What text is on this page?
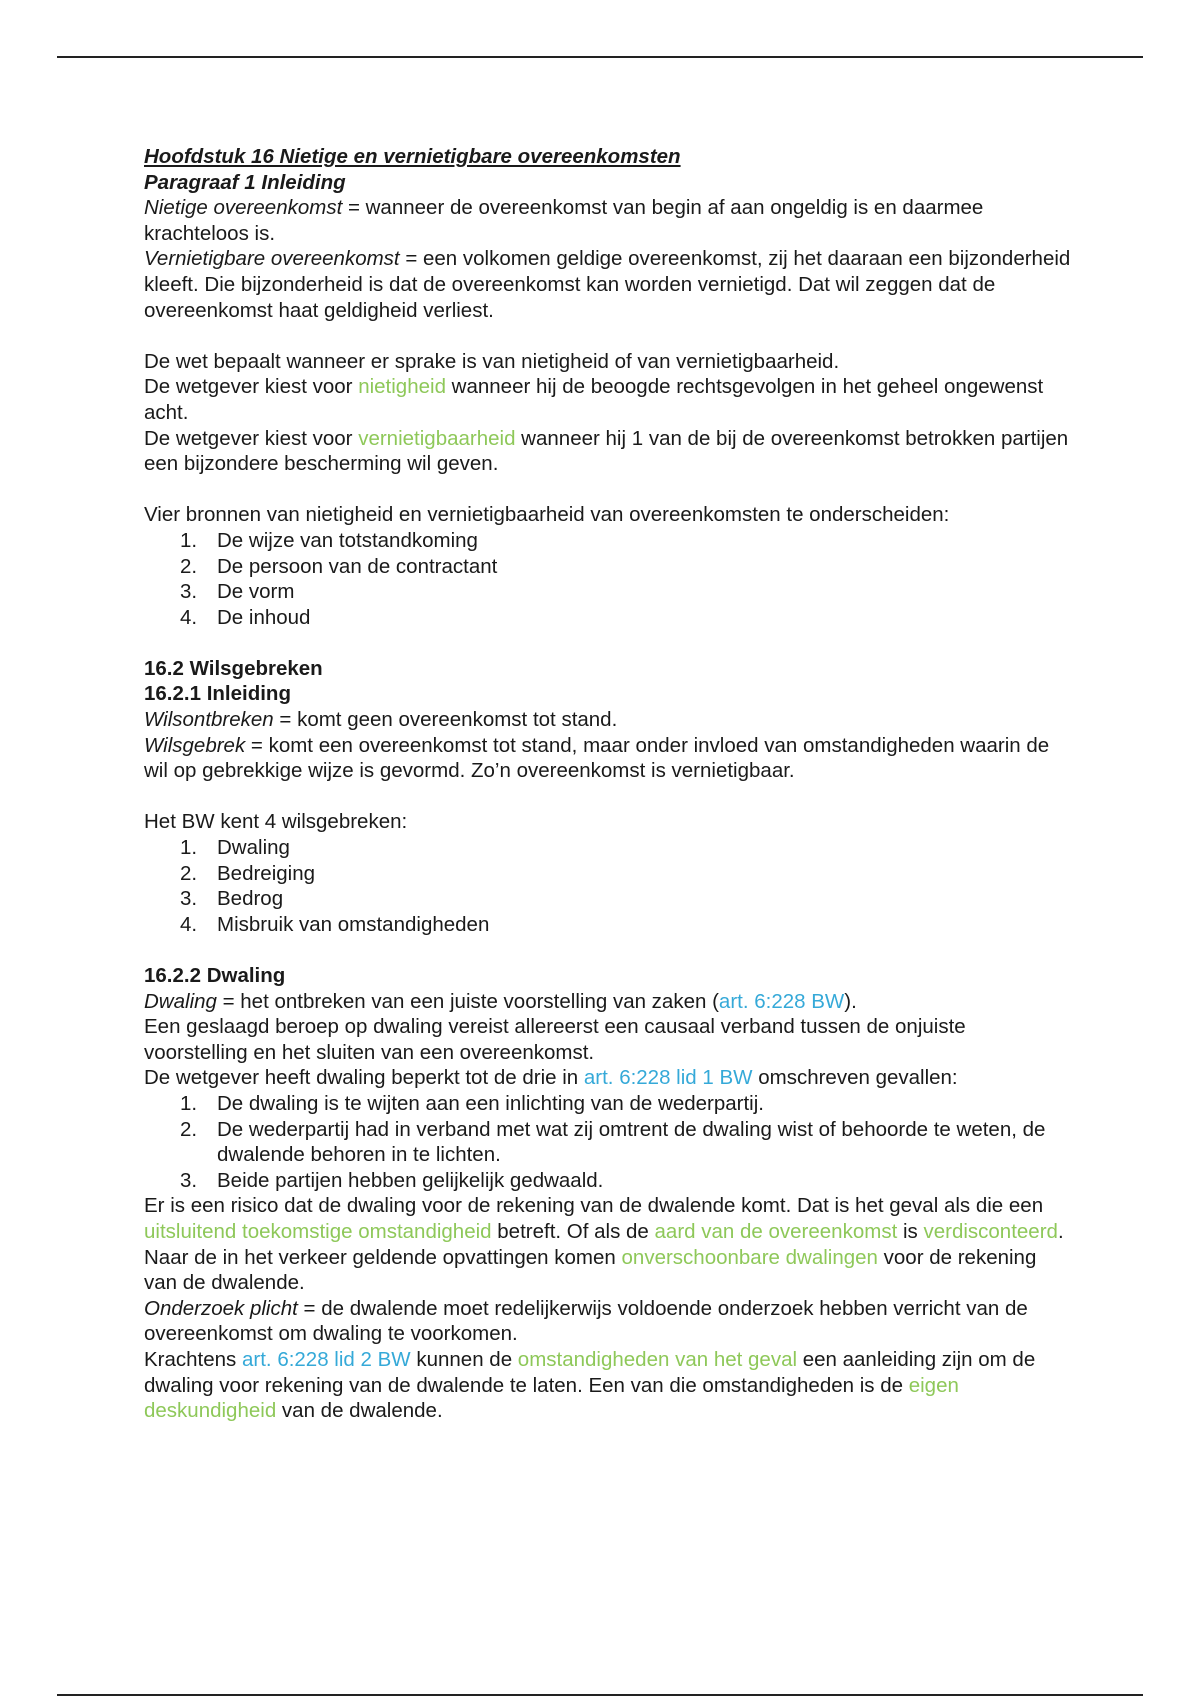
Hoofdstuk 16 Nietige en vernietigbare overeenkomsten
Paragraaf 1 Inleiding

Nietige overeenkomst = wanneer de overeenkomst van begin af aan ongeldig is en daarmee krachteloos is.

Vernietigbare overeenkomst = een volkomen geldige overeenkomst, zij het daaraan een bijzonderheid kleeft. Die bijzonderheid is dat de overeenkomst kan worden vernietigd. Dat wil zeggen dat de overeenkomst haat geldigheid verliest.

De wet bepaalt wanneer er sprake is van nietigheid of van vernietigbaarheid.

De wetgever kiest voor nietigheid wanneer hij de beoogde rechtsgevolgen in het geheel ongewenst acht.

De wetgever kiest voor vernietigbaarheid wanneer hij 1 van de bij de overeenkomst betrokken partijen een bijzondere bescherming wil geven.

Vier bronnen van nietigheid en vernietigbaarheid van overeenkomsten te onderscheiden:

1. De wijze van totstandkoming
2. De persoon van de contractant
3. De vorm
4. De inhoud
16.2 Wilsgebreken
16.2.1 Inleiding

Wilsontbreken = komt geen overeenkomst tot stand.

Wilsgebrek = komt een overeenkomst tot stand, maar onder invloed van omstandigheden waarin de wil op gebrekkige wijze is gevormd. Zo’n overeenkomst is vernietigbaar.

Het BW kent 4 wilsgebreken:

1. Dwaling
2. Bedreiging
3. Bedrog
4. Misbruik van omstandigheden
16.2.2 Dwaling

Dwaling = het ontbreken van een juiste voorstelling van zaken (art. 6:228 BW).

Een geslaagd beroep op dwaling vereist allereerst een causaal verband tussen de onjuiste voorstelling en het sluiten van een overeenkomst.

De wetgever heeft dwaling beperkt tot de drie in art. 6:228 lid 1 BW omschreven gevallen:

1. De dwaling is te wijten aan een inlichting van de wederpartij.
2. De wederpartij had in verband met wat zij omtrent de dwaling wist of behoorde te weten, de dwalende behoren in te lichten.
3. Beide partijen hebben gelijkelijk gedwaald.

Er is een risico dat de dwaling voor de rekening van de dwalende komt. Dat is het geval als die een uitsluitend toekomstige omstandigheid betreft. Of als de aard van de overeenkomst is verdisconteerd.

Naar de in het verkeer geldende opvattingen komen onverschoonbare dwalingen voor de rekening van de dwalende.

Onderzoek plicht = de dwalende moet redelijkerwijs voldoende onderzoek hebben verricht van de overeenkomst om dwaling te voorkomen.

Krachtens art. 6:228 lid 2 BW kunnen de omstandigheden van het geval een aanleiding zijn om de dwaling voor rekening van de dwalende te laten. Een van die omstandigheden is de eigen deskundigheid van de dwalende.
